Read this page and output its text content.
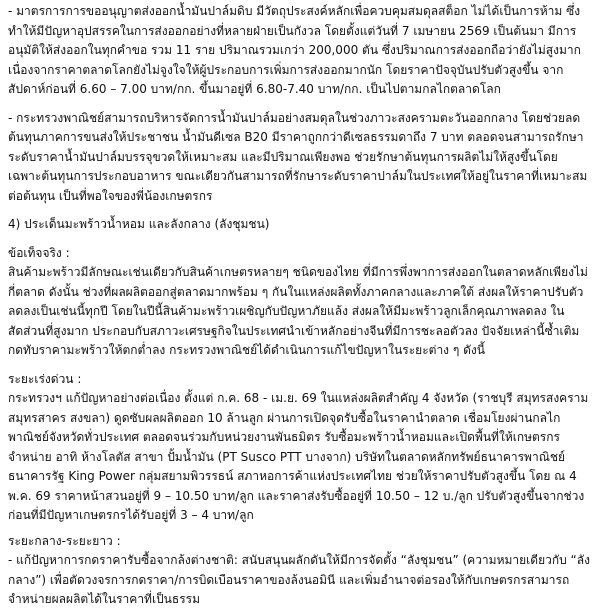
- มาตรการการขออนุญาตส่งออกน้ำมันปาล์มดิบ มีวัตถุประสงค์หลักเพื่อควบคุมสมดุลสต็อก ไม่ได้เป็นการห้าม ซึ่งทำให้มีปัญหาอุปสรรคในการส่งออกอย่างที่หลายฝ่ายเป็นกังวล โดยตั้งแต่วันที่ 7 เมษายน 2569 เป็นต้นมา มีการอนุมัติให้ส่งออกในทุกคำขอ รวม 11 ราย ปริมาณรวมเกว่า 200,000 ตัน ซึ่งปริมาณการส่งออกถือว่ายังไม่สูงมากเนื่องจากราคาตลาดโลกยังไม่จูงใจให้ผู้ประกอบการเพิ่มการส่งออกมากนัก โดยราคาปัจจุบันปรับตัวสูงขึ้น จากสัปดาห์ก่อนที่ 6.60 – 7.00 บาท/กก. ขึ้นมาอยู่ที่ 6.80-7.40 บาท/กก. เป็นไปตามกลไกตลาดโลก

- กระทรวงพาณิชย์สามารถบริหารจัดการน้ำมันปาล์มอย่างสมดุลในช่วงภาวะสงครามตะวันออกกลาง โดยช่วยลดต้นทุนภาคการขนส่งให้ประชาชน น้ำมันดีเซล B20 มีราคาถูกกว่าดีเซลธรรมดาถึง 7 บาท ตลอดจนสามารถรักษาระดับราคาน้ำมันปาล์มบรรจุขวดให้เหมาะสม และมีปริมาณเพียงพอ ช่วยรักษาต้นทุนการผลิตไม่ให้สูงขึ้นโดยเฉพาะต้นทุนการประกอบอาหาร ขณะเดียวกันสามารถที่รักษาระดับราคาปาล์มในประเทศให้อยู่ในราคาที่เหมาะสมต่อต้นทุน เป็นที่พอใจของพี่น้องเกษตรกร

4) ประเด็นมะพร้าวน้ำหอม และลังกลาง (ลังชุมชน)

ข้อเท็จจริง :

สินค้ามะพร้าวมีลักษณะเช่นเดียวกับสินค้าเกษตรหลายๆ ชนิดของไทย ที่มีการพึ่งพาการส่งออกในตลาดหลักเพียงไม่กี่ตลาด ดังนั้น ช่วงที่ผลผลิตออกสู่ตลาดมากพร้อม ๆ กันในแหล่งผลิตทั้งภาคกลางและภาคใต้ ส่งผลให้ราคาปรับตัวลดลงเป็นเช่นนี้ทุกปี โดยในปีนี้สินค้ามะพร้าวเผชิญกับปัญหาภัยแล้ง ส่งผลให้มีมะพร้าวลูกเล็กคุณภาพลดลง ในสัดส่วนที่สูงมาก ประกอบกับสภาวะเศรษฐกิจในประเทศนำเข้าหลักอย่างจีนที่มีการชะลอตัวลง ปัจจัยเหล่านี้ซ้ำเติมกดทับราคามะพร้าวให้ตกต่ำลง กระทรวงพาณิชย์ได้ดำเนินการแก้ไขปัญหาในระยะต่าง ๆ ดังนี้

ระยะเร่งด่วน :

กระทรวงฯ แก้ปัญหาอย่างต่อเนื่อง ตั้งแต่ ก.ค. 68 - เม.ย. 69 ในแหล่งผลิตสำคัญ 4 จังหวัด (ราชบุรี สมุทรสงคราม สมุทรสาคร สงขลา) ดูดซับผลผลิตออก 10 ล้านลูก ผ่านการเปิดจุดรับซื้อในราคานำตลาด เชื่อมโยงผ่านกลไกพาณิชย์จังหวัดทั่วประเทศ ตลอดจนร่วมกับหน่วยงานพันธมิตร รับซื้อมะพร้าวน้ำหอมและเปิดพื้นที่ให้เกษตรกรจำหน่าย อาทิ ห้างโลตัส สาขา ปั้มน้ำมัน (PT Susco PTT บางจาก) บริษัทในตลาดหลักทรัพย์ธนาคารพาณิชย์ ธนาคารรัฐ King Power กลุ่มสยามพิวรรธน์ สภาหอการค้าแห่งประเทศไทย ช่วยให้ราคาปรับตัวสูงขึ้น โดย ณ 4 พ.ค. 69 ราคาหน้าสวนอยู่ที่ 9 – 10.50 บาท/ลูก และราคาส่งรับซื้ออยู่ที่ 10.50 – 12 บ./ลูก ปรับตัวสูงขึ้นจากช่วงก่อนที่มีปัญหาเกษตรกรได้รับอยู่ที่ 3 – 4 บาท/ลูก

ระยะกลาง-ระยะยาว :

- แก้ปัญหาการกดราคารับซื้อจากล้งต่างชาติ: สนับสนุนผลักดันให้มีการจัดตั้ง “ลังชุมชน” (ความหมายเดียวกับ “ลังกลาง”) เพื่อตัดวงจรการกดราคา/การบิดเบือนราคาของล้งนอมินี และเพิ่มอำนาจต่อรองให้กับเกษตรกรสามารถจำหน่ายผลผลิตได้ในราคาที่เป็นธรรม
